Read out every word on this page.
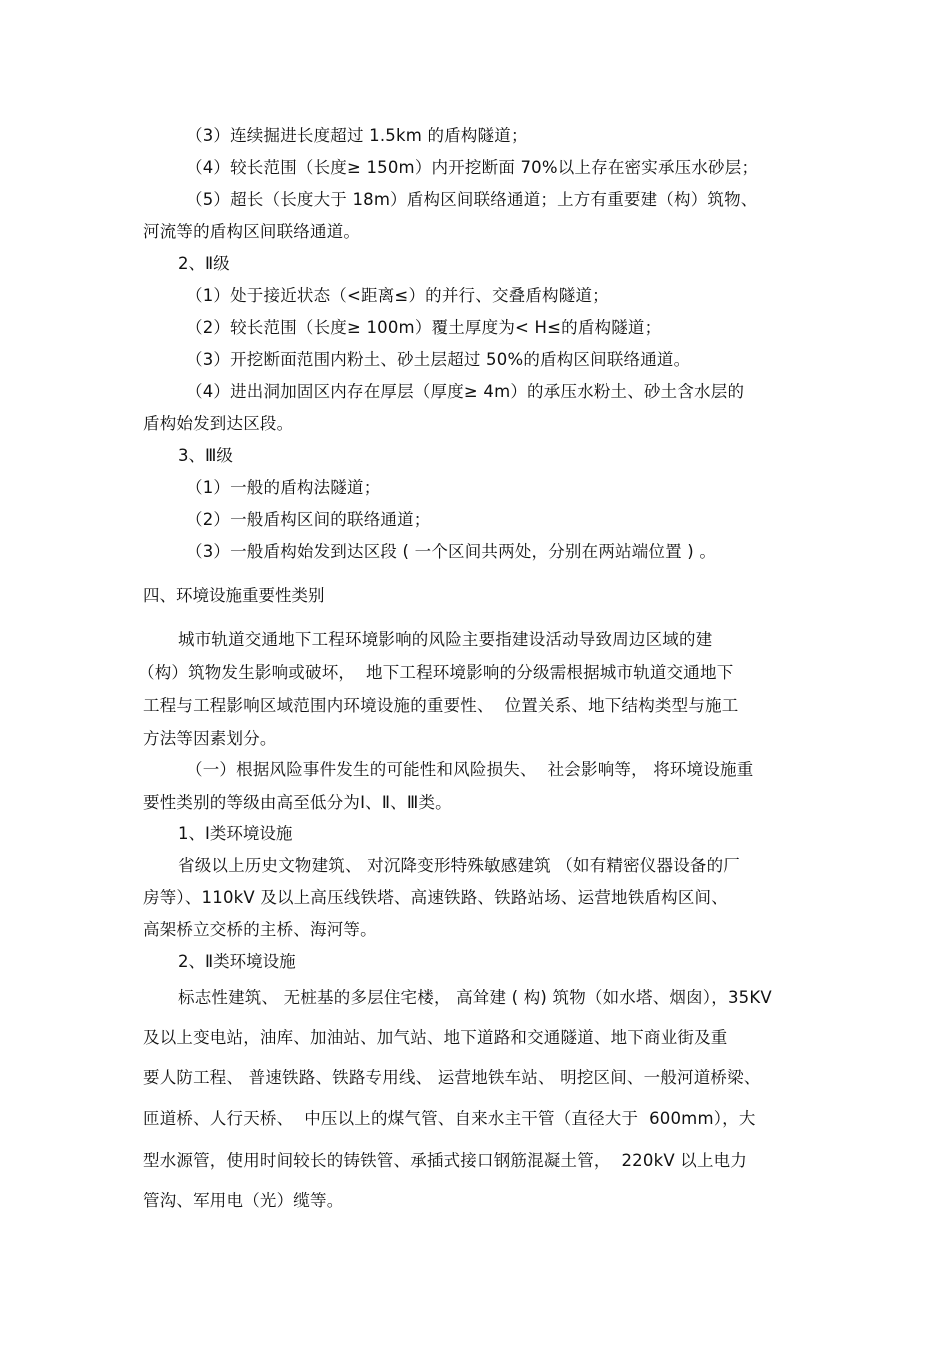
（3）连续掘进长度超过 1.5km 的盾构隧道；
（4）较长范围（长度≥ 150m）内开挖断面 70%以上存在密实承压水砂层；
（5）超长（长度大于 18m）盾构区间联络通道；上方有重要建（构）筑物、
河流等的盾构区间联络通道。
2、Ⅱ级
（1）处于接近状态（<距离≤）的并行、交叠盾构隧道；
（2）较长范围（长度≥ 100m）覆土厚度为< H≤的盾构隧道；
（3）开挖断面范围内粉土、砂土层超过 50%的盾构区间联络通道。
（4）进出洞加固区内存在厚层（厚度≥ 4m）的承压水粉土、砂土含水层的
盾构始发到达区段。
3、Ⅲ级
（1）一般的盾构法隧道；
（2）一般盾构区间的联络通道；
（3）一般盾构始发到达区段 ( 一个区间共两处，分别在两站端位置 ) 。
四、环境设施重要性类别
城市轨道交通地下工程环境影响的风险主要指建设活动导致周边区域的建
（构）筑物发生影响或破坏，  地下工程环境影响的分级需根据城市轨道交通地下
工程与工程影响区域范围内环境设施的重要性、  位置关系、地下结构类型与施工
方法等因素划分。
（一）根据风险事件发生的可能性和风险损失、  社会影响等， 将环境设施重
要性类别的等级由高至低分为Ⅰ、Ⅱ、Ⅲ类。
1、Ⅰ类环境设施
省级以上历史文物建筑、 对沉降变形特殊敏感建筑 （如有精密仪器设备的厂
房等）、110kV 及以上高压线铁塔、高速铁路、铁路站场、运营地铁盾构区间、
高架桥立交桥的主桥、海河等。
2、Ⅱ类环境设施
标志性建筑、 无桩基的多层住宅楼， 高耸建 ( 构) 筑物（如水塔、烟囱），35KV
及以上变电站，油库、加油站、加气站、地下道路和交通隧道、地下商业街及重
要人防工程、 普速铁路、铁路专用线、 运营地铁车站、 明挖区间、一般河道桥梁、
匝道桥、人行天桥、  中压以上的煤气管、自来水主干管（直径大于  600mm），大
型水源管，使用时间较长的铸铁管、承插式接口钢筋混凝土管，  220kV 以上电力
管沟、军用电（光）缆等。
